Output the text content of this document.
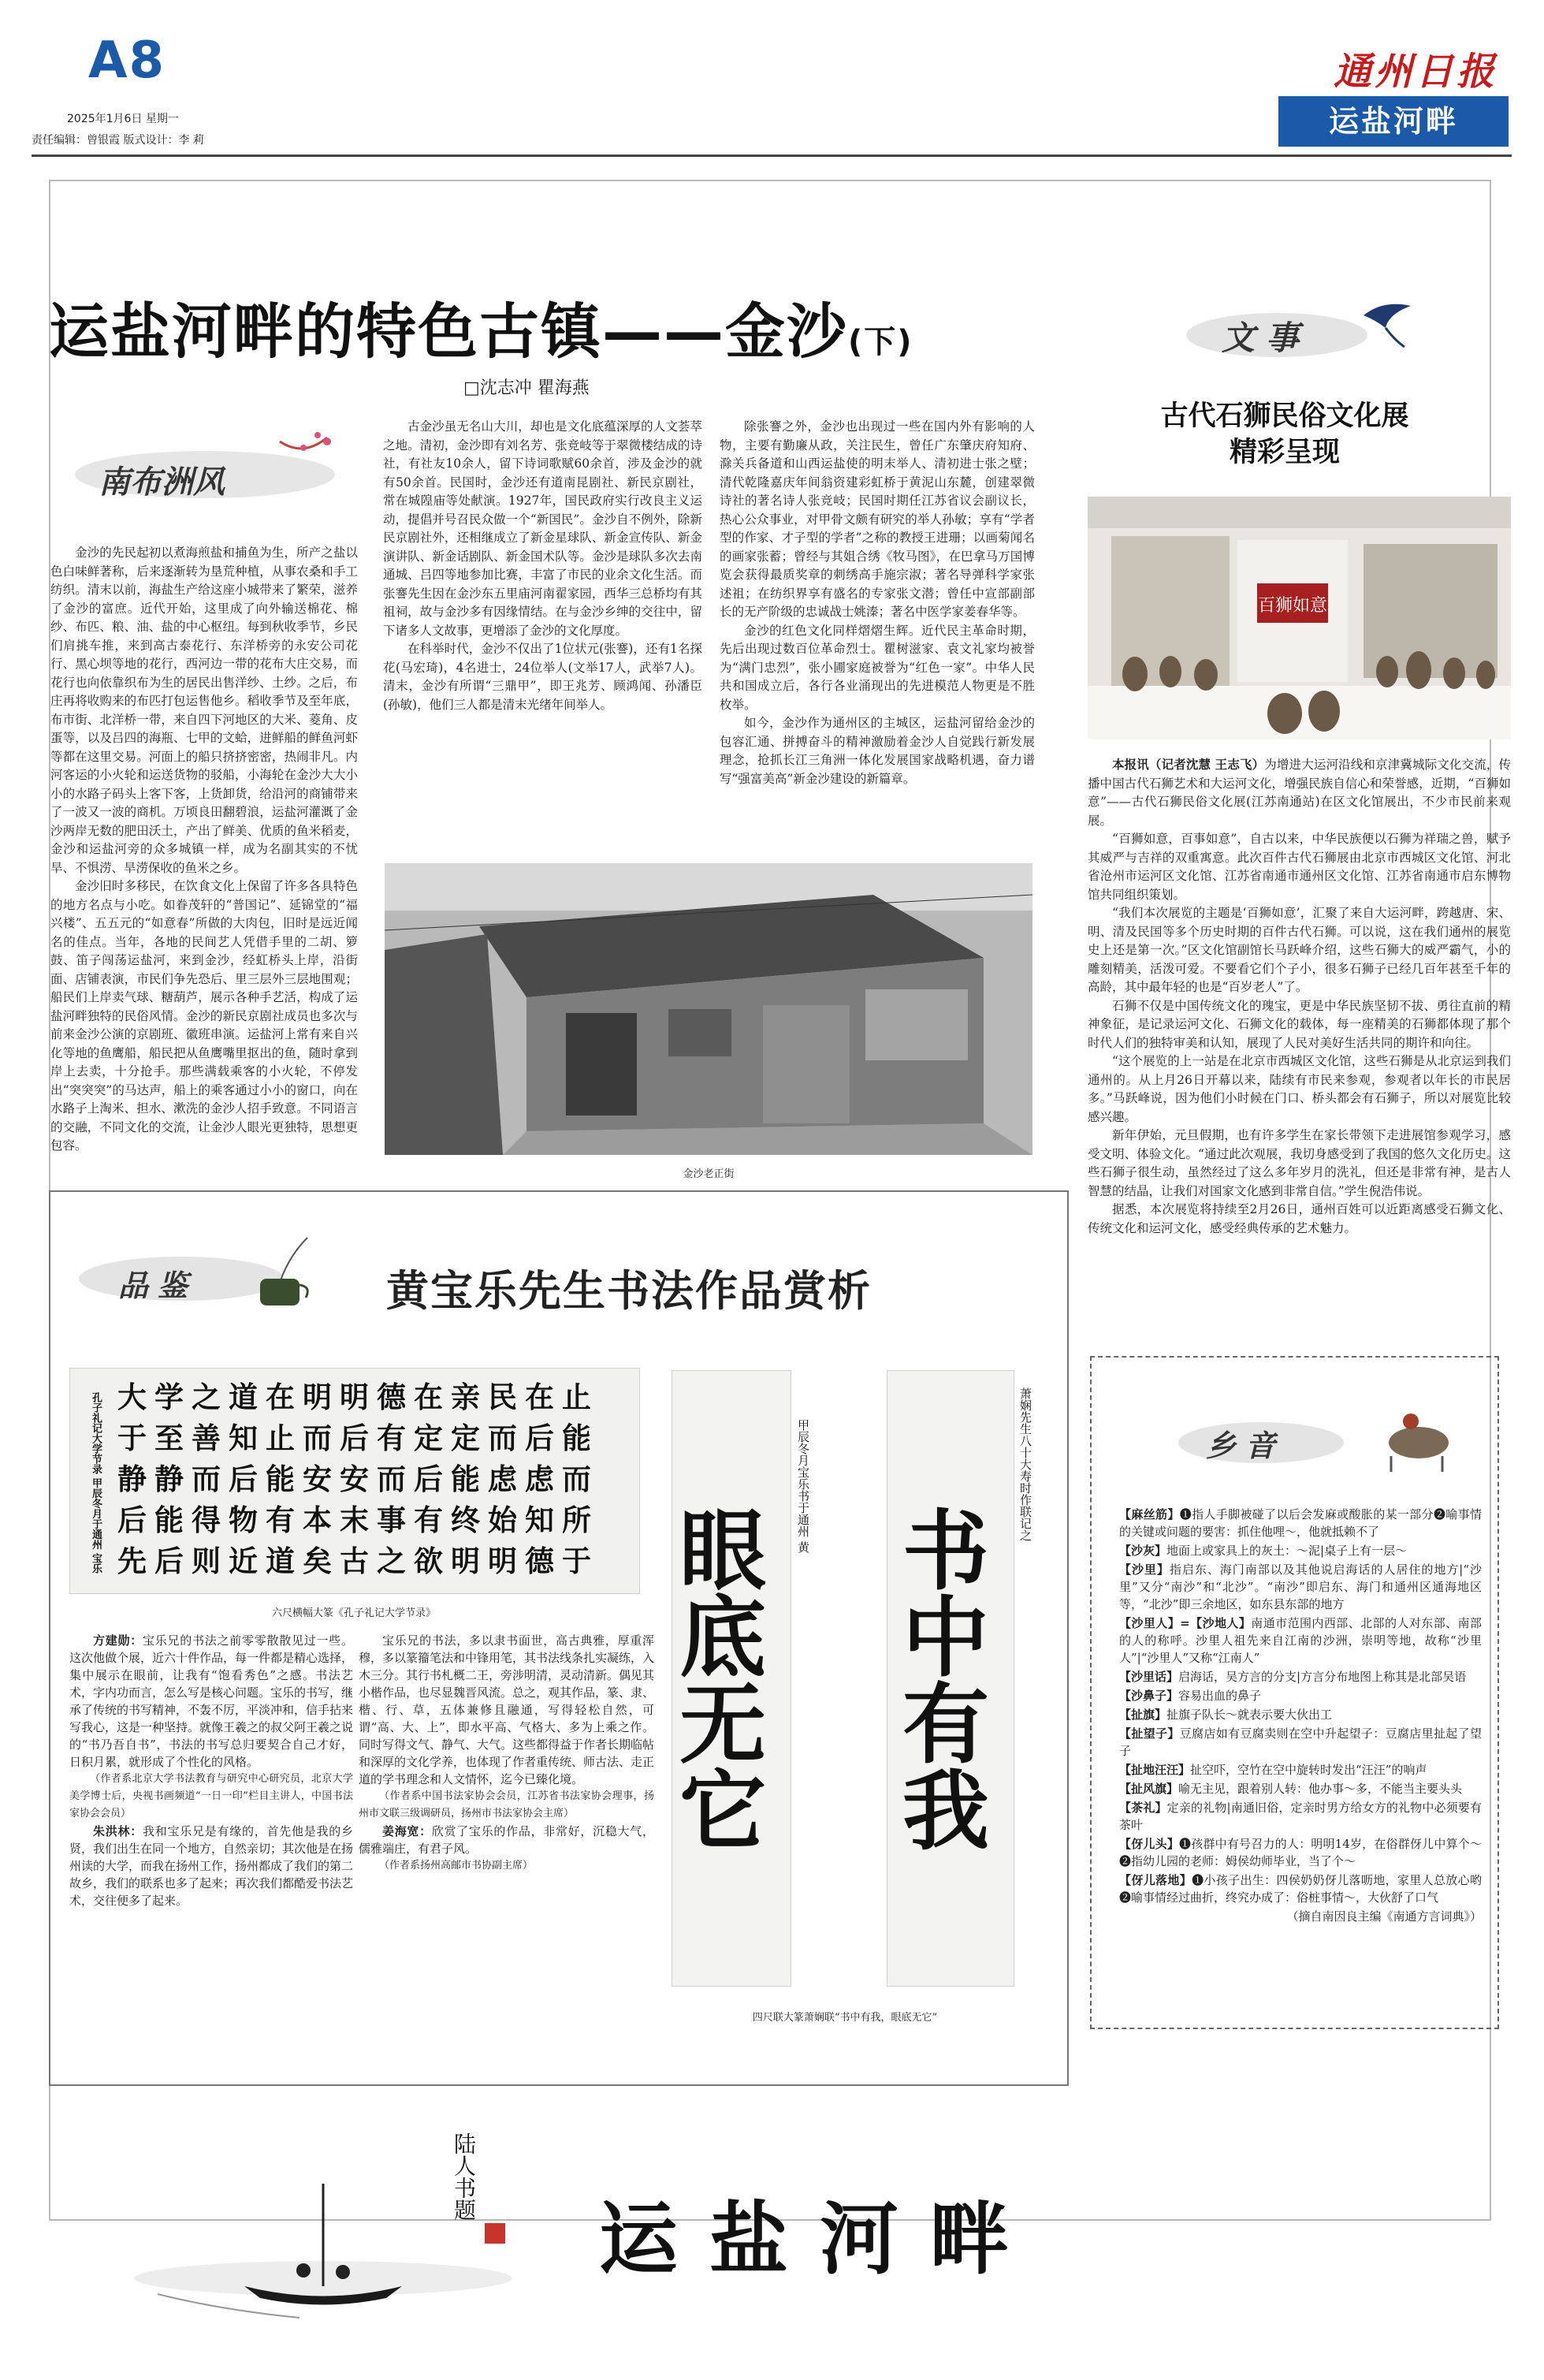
A8
2025年1月6日 星期一
责任编辑：曾银霞 版式设计：李 莉
通州日报
运盐河畔
运盐河畔的特色古镇——金沙(下)
□沈志冲 瞿海燕
南布洲风

金沙的先民起初以煮海煎盐和捕鱼为生，所产之盐以色白味鲜著称，后来逐渐转为垦荒种植，从事农桑和手工纺织。清末以前，海盐生产给这座小城带来了繁荣，滋养了金沙的富庶。近代开始，这里成了向外输送棉花、棉纱、布匹、粮、油、盐的中心枢纽。每到秋收季节，乡民们肩挑车推，来到高古泰花行、东洋桥旁的永安公司花行、黑心坝等地的花行，西河边一带的花布大庄交易，而花行也向依靠织布为生的居民出售洋纱、土纱。之后，布庄再将收购来的布匹打包运售他乡。稻收季节及至年底，布市街、北洋桥一带，来自四下河地区的大米、菱角、皮蛋等，以及吕四的海瓶、七甲的文蛤，进鲜船的鲜鱼河虾等都在这里交易。河面上的船只挤挤密密，热闹非凡。内河客运的小火轮和运送货物的驳船，小海轮在金沙大大小小的水路子码头上客下客，上货卸货，给沿河的商铺带来了一波又一波的商机。万顷良田翻碧浪，运盐河灌溉了金沙两岸无数的肥田沃土，产出了鲜美、优质的鱼米稻麦，金沙和运盐河旁的众多城镇一样，成为名副其实的不忧旱、不惧涝、旱涝保收的鱼米之乡。

金沙旧时多移民，在饮食文化上保留了许多各具特色的地方名点与小吃。如眷茂轩的“普国记”、延锦堂的“福兴楼”、五五元的“如意春”所做的大肉包，旧时是远近闻名的佳点。当年，各地的民间艺人凭借手里的二胡、箩鼓、笛子闯荡运盐河，来到金沙，经虹桥头上岸，沿街面、店铺表演，市民们争先恐后、里三层外三层地围观；船民们上岸卖气球、糖葫芦，展示各种手艺活，构成了运盐河畔独特的民俗风情。金沙的新民京剧社成员也多次与前来金沙公演的京剧班、徽班串演。运盐河上常有来自兴化等地的鱼鹰船，船民把从鱼鹰嘴里抠出的鱼，随时拿到岸上去卖，十分抢手。那些满载乘客的小火轮，不停发出“突突突”的马达声，船上的乘客通过小小的窗口，向在水路子上淘米、担水、漱洗的金沙人招手致意。不同语言的交融，不同文化的交流，让金沙人眼光更独特，思想更包容。

古金沙虽无名山大川，却也是文化底蕴深厚的人文荟萃之地。清初，金沙即有刘名芳、张竞岐等于翠微楼结成的诗社，有社友10余人，留下诗词歌赋60余首，涉及金沙的就有50余首。民国时，金沙还有道南昆剧社、新民京剧社，常在城隍庙等处献演。1927年，国民政府实行改良主义运动，提倡并号召民众做一个“新国民”。金沙自不例外，除新民京剧社外，还相继成立了新金星球队、新金宣传队、新金演讲队、新金话剧队、新金国术队等。金沙是球队多次去南通城、吕四等地参加比赛，丰富了市民的业余文化生活。而张謇先生因在金沙东五里庙河南翟家园，西华三总桥均有其祖祠，故与金沙多有因缘情结。在与金沙乡绅的交往中，留下诸多人文故事，更增添了金沙的文化厚度。

在科举时代，金沙不仅出了1位状元(张謇)，还有1名探花(马宏琦)，4名进士，24位举人(文举17人，武举7人)。清末，金沙有所谓“三鼎甲”，即王兆芳、顾鸿闻、孙潘臣(孙敏)，他们三人都是清末光绪年间举人。

除张謇之外，金沙也出现过一些在国内外有影响的人物，主要有勤廉从政，关注民生，曾任广东肇庆府知府、滁关兵备道和山西运盐使的明末举人、清初进士张之壁；清代乾隆嘉庆年间翁资建彩虹桥于黄泥山东麓，创建翠微诗社的著名诗人张竞岐；民国时期任江苏省议会副议长，热心公众事业，对甲骨文颇有研究的举人孙敏；享有“学者型的作家、才子型的学者”之称的教授王进珊；以画菊闻名的画家张蓄；曾经与其姐合绣《牧马图》，在巴拿马万国博览会获得最质奖章的刺绣高手施宗淑；著名导弹科学家张述祖；在纺织界享有盛名的专家张文潜；曾任中宣部副部长的无产阶级的忠诚战士姚溱；著名中医学家姜春华等。

金沙的红色文化同样熠熠生辉。近代民主革命时期，先后出现过数百位革命烈士。瞿树滋家、袁文礼家均被誉为“满门忠烈”，张小圃家庭被誉为“红色一家”。中华人民共和国成立后，各行各业涌现出的先进模范人物更是不胜枚举。

如今，金沙作为通州区的主城区，运盐河留给金沙的包容汇通、拼搏奋斗的精神激励着金沙人自觉践行新发展理念，抢抓长江三角洲一体化发展国家战略机遇，奋力谱写“强富美高”新金沙建设的新篇章。

金沙老正街
文事
古代石狮民俗文化展
精彩呈现
百狮如意

本报讯（记者沈慧 王志飞）为增进大运河沿线和京津冀城际文化交流，传播中国古代石狮艺术和大运河文化，增强民族自信心和荣誉感，近期，“百狮如意”——古代石狮民俗文化展(江苏南通站)在区文化馆展出，不少市民前来观展。

“百狮如意，百事如意”，自古以来，中华民族便以石狮为祥瑞之兽，赋予其威严与吉祥的双重寓意。此次百件古代石狮展由北京市西城区文化馆、河北省沧州市运河区文化馆、江苏省南通市通州区文化馆、江苏省南通市启东博物馆共同组织策划。

“我们本次展览的主题是‘百狮如意’，汇聚了来自大运河畔，跨越唐、宋、明、清及民国等多个历史时期的百件古代石狮。可以说，这在我们通州的展览史上还是第一次。”区文化馆副馆长马跃峰介绍，这些石狮大的威严霸气，小的雕刻精美，活泼可爱。不要看它们个子小，很多石狮子已经几百年甚至千年的高龄，其中最年轻的也是“百岁老人”了。

石狮不仅是中国传统文化的瑰宝，更是中华民族坚韧不拔、勇往直前的精神象征，是记录运河文化、石狮文化的载体，每一座精美的石狮都体现了那个时代人们的独特审美和认知，展现了人民对美好生活共同的期许和向往。

“这个展览的上一站是在北京市西城区文化馆，这些石狮是从北京运到我们通州的。从上月26日开幕以来，陆续有市民来参观，参观者以年长的市民居多。”马跃峰说，因为他们小时候在门口、桥头都会有石狮子，所以对展览比较感兴趣。

新年伊始，元旦假期，也有许多学生在家长带领下走进展馆参观学习，感受文明、体验文化。“通过此次观展，我切身感受到了我国的悠久文化历史。这些石狮子很生动，虽然经过了这么多年岁月的洗礼，但还是非常有神，是古人智慧的结晶，让我们对国家文化感到非常自信。”学生倪浩伟说。

据悉，本次展览将持续至2月26日，通州百姓可以近距离感受石狮文化、传统文化和运河文化，感受经典传承的艺术魅力。

品鉴	黄宝乐先生书法作品赏析
孔子礼记大学节录 甲辰冬月于通州 宝乐 大学之道在明明德在亲民在止
于至善知止而后有定定而后能
静静而后能安安而后能虑虑而
后能得物有本末事有终始知所
先后则近道矣古之欲明明德于
六尺横幅大篆《孔子礼记大学节录》	眼底无它
甲辰冬月宝乐书于通州 黄
书中有我
萧娴先生八十大寿时作联记之
四尺联大篆萧娴联“书中有我，眼底无它”

方建勋：宝乐兄的书法之前零零散散见过一些。这次他做个展，近六十件作品，每一件都是精心选择，集中展示在眼前，让我有“饱看秀色”之感。书法艺术，字内功而言，怎么写是核心问题。宝乐的书写，继承了传统的书写精神，不轰不厉，平淡冲和，信手拈来写我心，这是一种坚持。就像王羲之的叔父阿王羲之说的“书乃吾自书”，书法的书写总归要契合自己才好，日积月累，就形成了个性化的风格。

（作者系北京大学书法教育与研究中心研究员，北京大学美学博士后，央视书画频道“一日一印”栏目主讲人，中国书法家协会会员）

朱洪林：我和宝乐兄是有缘的，首先他是我的乡贤，我们出生在同一个地方，自然亲切；其次他是在扬州读的大学，而我在扬州工作，扬州都成了我们的第二故乡，我们的联系也多了起来；再次我们都酷爱书法艺术，交往便多了起来。

宝乐兄的书法，多以隶书面世，高古典雅，厚重浑穆，多以篆籀笔法和中锋用笔，其书法线条扎实凝练，入木三分。其行书札概二王，旁涉明清，灵动清新。偶见其小楷作品，也尽显魏晋风流。总之，观其作品，篆、隶、楷、行、草，五体兼修且融通，写得轻松自然，可谓“高、大、上”，即水平高、气格大、多为上乘之作。同时写得文气、静气、大气。这些都得益于作者长期临帖和深厚的文化学养，也体现了作者重传统、师古法、走正道的学书理念和人文情怀，迄今已臻化境。

（作者系中国书法家协会会员，江苏省书法家协会理事，扬州市文联三级调研员，扬州市书法家协会主席）

姜海宽：欣赏了宝乐的作品，非常好，沉稳大气，儒雅端庄，有君子风。

（作者系扬州高邮市书协副主席）

乡音

【麻丝筋】❶指人手脚被碰了以后会发麻或酸胀的某一部分❷喻事情的关键或问题的要害：抓住他哩～，他就抵赖不了

【沙灰】地面上或家具上的灰土：～泥|桌子上有一层～

【沙里】指启东、海门南部以及其他说启海话的人居住的地方|“沙里”又分“南沙”和“北沙”。“南沙”即启东、海门和通州区通海地区等，“北沙”即三余地区，如东县东部的地方

【沙里人】=【沙地人】南通市范围内西部、北部的人对东部、南部的人的称呼。沙里人祖先来自江南的沙洲，崇明等地，故称“沙里人”|“沙里人”又称“江南人”

【沙里话】启海话，吴方言的分支|方言分布地图上称其是北部吴语

【沙鼻子】容易出血的鼻子

【扯旗】扯旗子队长～就表示要大伙出工

【扯望子】豆腐店如有豆腐卖则在空中升起望子：豆腐店里扯起了望子

【扯地汪汪】扯空吓，空竹在空中旋转时发出“汪汪”的响声

【扯风旗】喻无主见，跟着别人转：他办事～多，不能当主要头头

【茶礼】定亲的礼物|南通旧俗，定亲时男方给女方的礼物中必须要有茶叶

【伢儿头】❶孩群中有号召力的人：明明14岁，在俗群伢儿中算个～❷指幼儿园的老师：姆侯幼师毕业，当了个～

【伢儿落地】❶小孩子出生：四侯奶奶伢儿落呖地，家里人总放心哟❷喻事情经过曲折，终究办成了：俗桩事情～，大伙舒了口气

（摘自南因良主编《南通方言词典》）

陆人书题
运盐河畔
